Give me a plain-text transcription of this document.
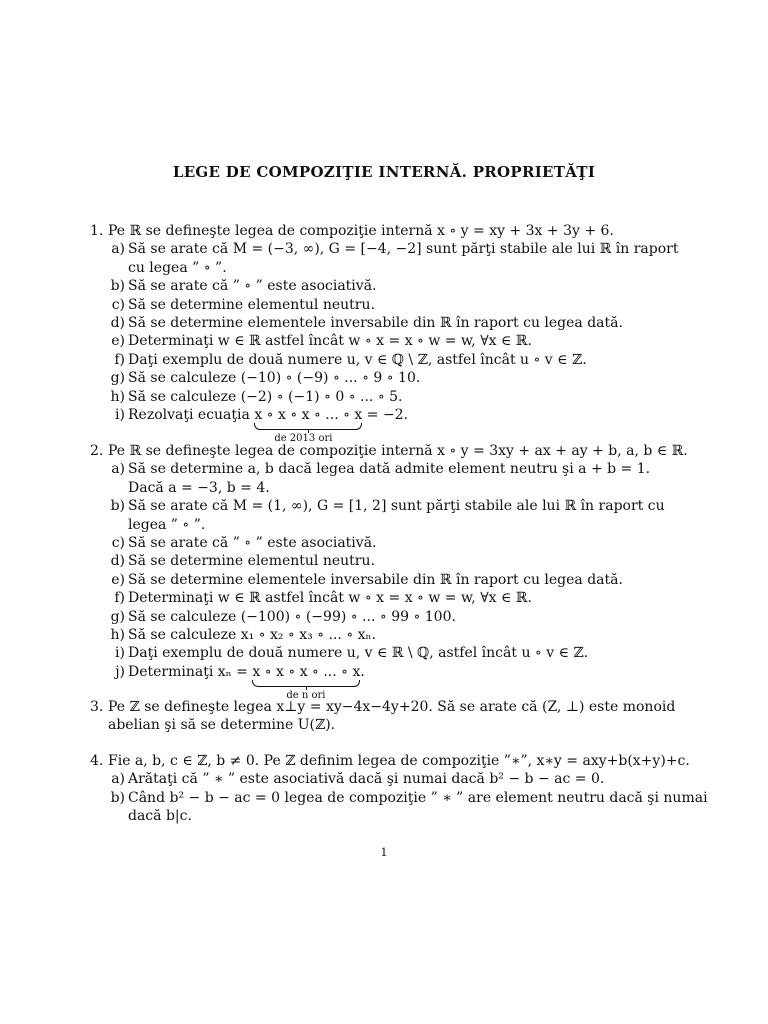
LEGE DE COMPOZIŢIE INTERNĂ. PROPRIETĂŢI
1. Pe ℝ se defineşte legea de compoziţie internă x ∘ y = xy + 3x + 3y + 6.
a) Să se arate că M = (−3, ∞), G = [−4, −2] sunt părţi stabile ale lui ℝ în raport
cu legea ” ∘ ”.
b) Să se arate că ” ∘ ” este asociativă.
c) Să se determine elementul neutru.
d) Să se determine elementele inversabile din ℝ în raport cu legea dată.
e) Determinaţi w ∈ ℝ astfel încât w ∘ x = x ∘ w = w, ∀x ∈ ℝ.
f) Daţi exemplu de două numere u, v ∈ ℚ \ ℤ, astfel încât u ∘ v ∈ ℤ.
g) Să se calculeze (−10) ∘ (−9) ∘ ... ∘ 9 ∘ 10.
h) Să se calculeze (−2) ∘ (−1) ∘ 0 ∘ ... ∘ 5.
i) Rezolvaţi ecuaţia x ∘ x ∘ x ∘ ... ∘ x
de 2013 ori
= −2.
2. Pe ℝ se defineşte legea de compoziţie internă x ∘ y = 3xy + ax + ay + b, a, b ∈ ℝ.
a) Să se determine a, b dacă legea dată admite element neutru şi a + b = 1.
Dacă a = −3, b = 4.
b) Să se arate că M = (1, ∞), G = [1, 2] sunt părţi stabile ale lui ℝ în raport cu
legea ” ∘ ”.
c) Să se arate că ” ∘ ” este asociativă.
d) Să se determine elementul neutru.
e) Să se determine elementele inversabile din ℝ în raport cu legea dată.
f) Determinaţi w ∈ ℝ astfel încât w ∘ x = x ∘ w = w, ∀x ∈ ℝ.
g) Să se calculeze (−100) ∘ (−99) ∘ ... ∘ 99 ∘ 100.
h) Să se calculeze x₁ ∘ x₂ ∘ x₃ ∘ ... ∘ xₙ.
i) Daţi exemplu de două numere u, v ∈ ℝ \ ℚ, astfel încât u ∘ v ∈ ℤ.
j) Determinaţi xₙ = x ∘ x ∘ x ∘ ... ∘ x
de n ori
.
3. Pe ℤ se defineşte legea x⊥y = xy−4x−4y+20. Să se arate că (Z, ⊥) este monoid
abelian şi să se determine U(ℤ).
4. Fie a, b, c ∈ ℤ, b ≠ 0. Pe ℤ definim legea de compoziţie ”∗”, x∗y = axy+b(x+y)+c.
a) Arătaţi că ” ∗ ” este asociativă dacă şi numai dacă b² − b − ac = 0.
b) Când b² − b − ac = 0 legea de compoziţie ” ∗ ” are element neutru dacă şi numai
dacă b|c.
1
